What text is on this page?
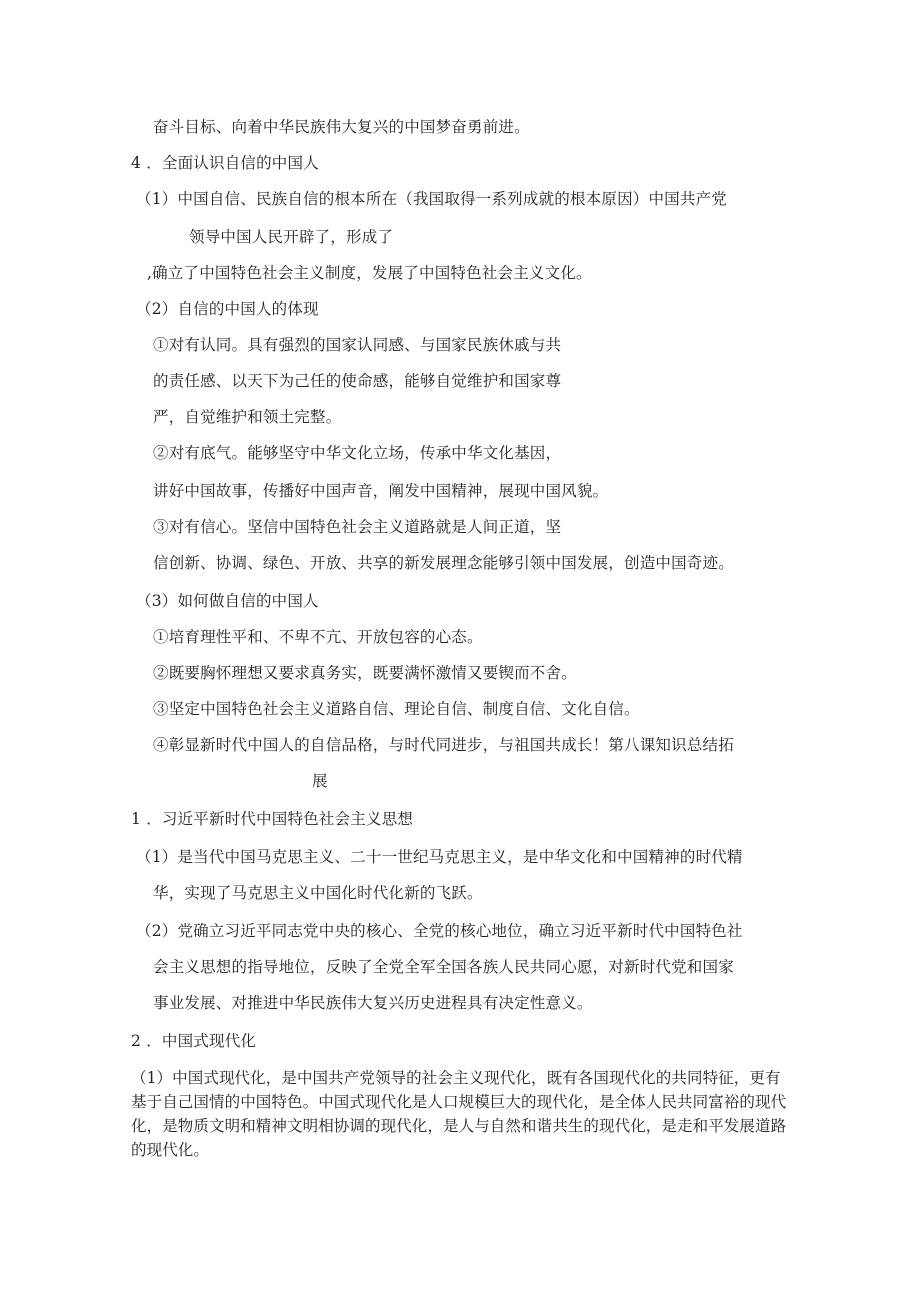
奋斗目标、向着中华民族伟大复兴的中国梦奋勇前进。
4 ．全面认识自信的中国人
（1）中国自信、民族自信的根本所在（我国取得一系列成就的根本原因）中国共产党
领导中国人民开辟了，形成了
,确立了中国特色社会主义制度，发展了中国特色社会主义文化。
（2）自信的中国人的体现
①对有认同。具有强烈的国家认同感、与国家民族休戚与共
的责任感、以天下为己任的使命感，能够自觉维护和国家尊
严，自觉维护和领土完整。
②对有底气。能够坚守中华文化立场，传承中华文化基因，
讲好中国故事，传播好中国声音，阐发中国精神，展现中国风貌。
③对有信心。坚信中国特色社会主义道路就是人间正道，坚
信创新、协调、绿色、开放、共享的新发展理念能够引领中国发展，创造中国奇迹。
（3）如何做自信的中国人
①培育理性平和、不卑不亢、开放包容的心态。
②既要胸怀理想又要求真务实，既要满怀激情又要锲而不舍。
③坚定中国特色社会主义道路自信、理论自信、制度自信、文化自信。
④彰显新时代中国人的自信品格，与时代同进步，与祖国共成长！第八课知识总结拓
展
1 ．习近平新时代中国特色社会主义思想
（1）是当代中国马克思主义、二十一世纪马克思主义，是中华文化和中国精神的时代精
华，实现了马克思主义中国化时代化新的飞跃。
（2）党确立习近平同志党中央的核心、全党的核心地位，确立习近平新时代中国特色社
会主义思想的指导地位，反映了全党全军全国各族人民共同心愿，对新时代党和国家
事业发展、对推进中华民族伟大复兴历史进程具有决定性意义。
2 ．中国式现代化
（1）中国式现代化，是中国共产党领导的社会主义现代化，既有各国现代化的共同特征，更有基于自己国情的中国特色。中国式现代化是人口规模巨大的现代化，是全体人民共同富裕的现代化，是物质文明和精神文明相协调的现代化，是人与自然和谐共生的现代化，是走和平发展道路的现代化。
